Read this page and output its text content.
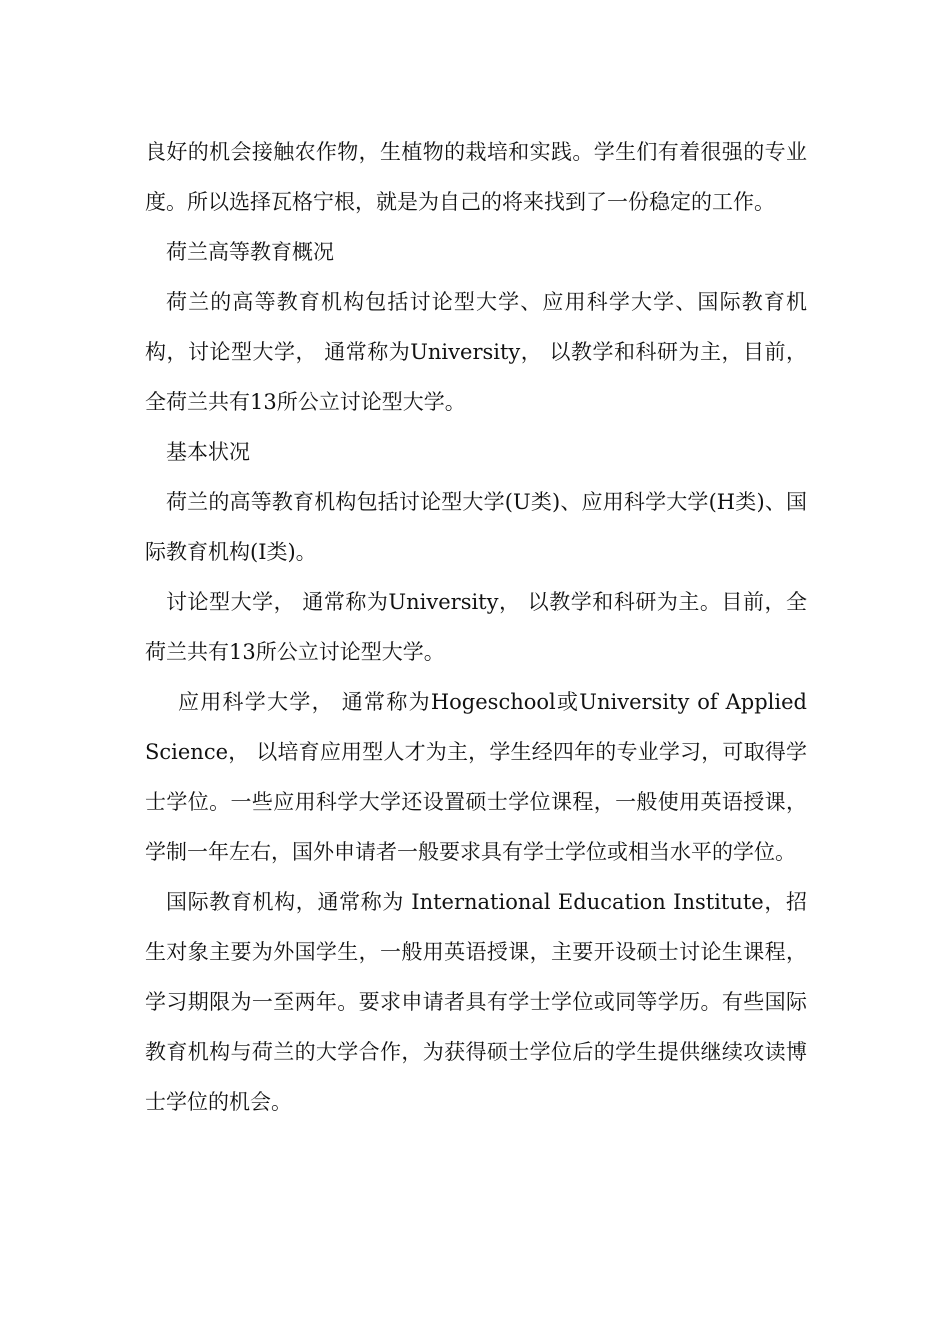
良好的机会接触农作物，生植物的栽培和实践。学生们有着很强的专业度。所以选择瓦格宁根，就是为自己的将来找到了一份稳定的工作。

荷兰高等教育概况

荷兰的高等教育机构包括讨论型大学、应用科学大学、国际教育机构，讨论型大学， 通常称为University， 以教学和科研为主，目前，全荷兰共有13所公立讨论型大学。

基本状况

荷兰的高等教育机构包括讨论型大学(U类)、应用科学大学(H类)、国际教育机构(I类)。

讨论型大学， 通常称为University， 以教学和科研为主。目前，全荷兰共有13所公立讨论型大学。

应用科学大学， 通常称为Hogeschool或University of Applied Science， 以培育应用型人才为主，学生经四年的专业学习，可取得学士学位。一些应用科学大学还设置硕士学位课程，一般使用英语授课，学制一年左右，国外申请者一般要求具有学士学位或相当水平的学位。

国际教育机构，通常称为 International Education Institute，招生对象主要为外国学生，一般用英语授课，主要开设硕士讨论生课程，学习期限为一至两年。要求申请者具有学士学位或同等学历。有些国际教育机构与荷兰的大学合作，为获得硕士学位后的学生提供继续攻读博士学位的机会。
